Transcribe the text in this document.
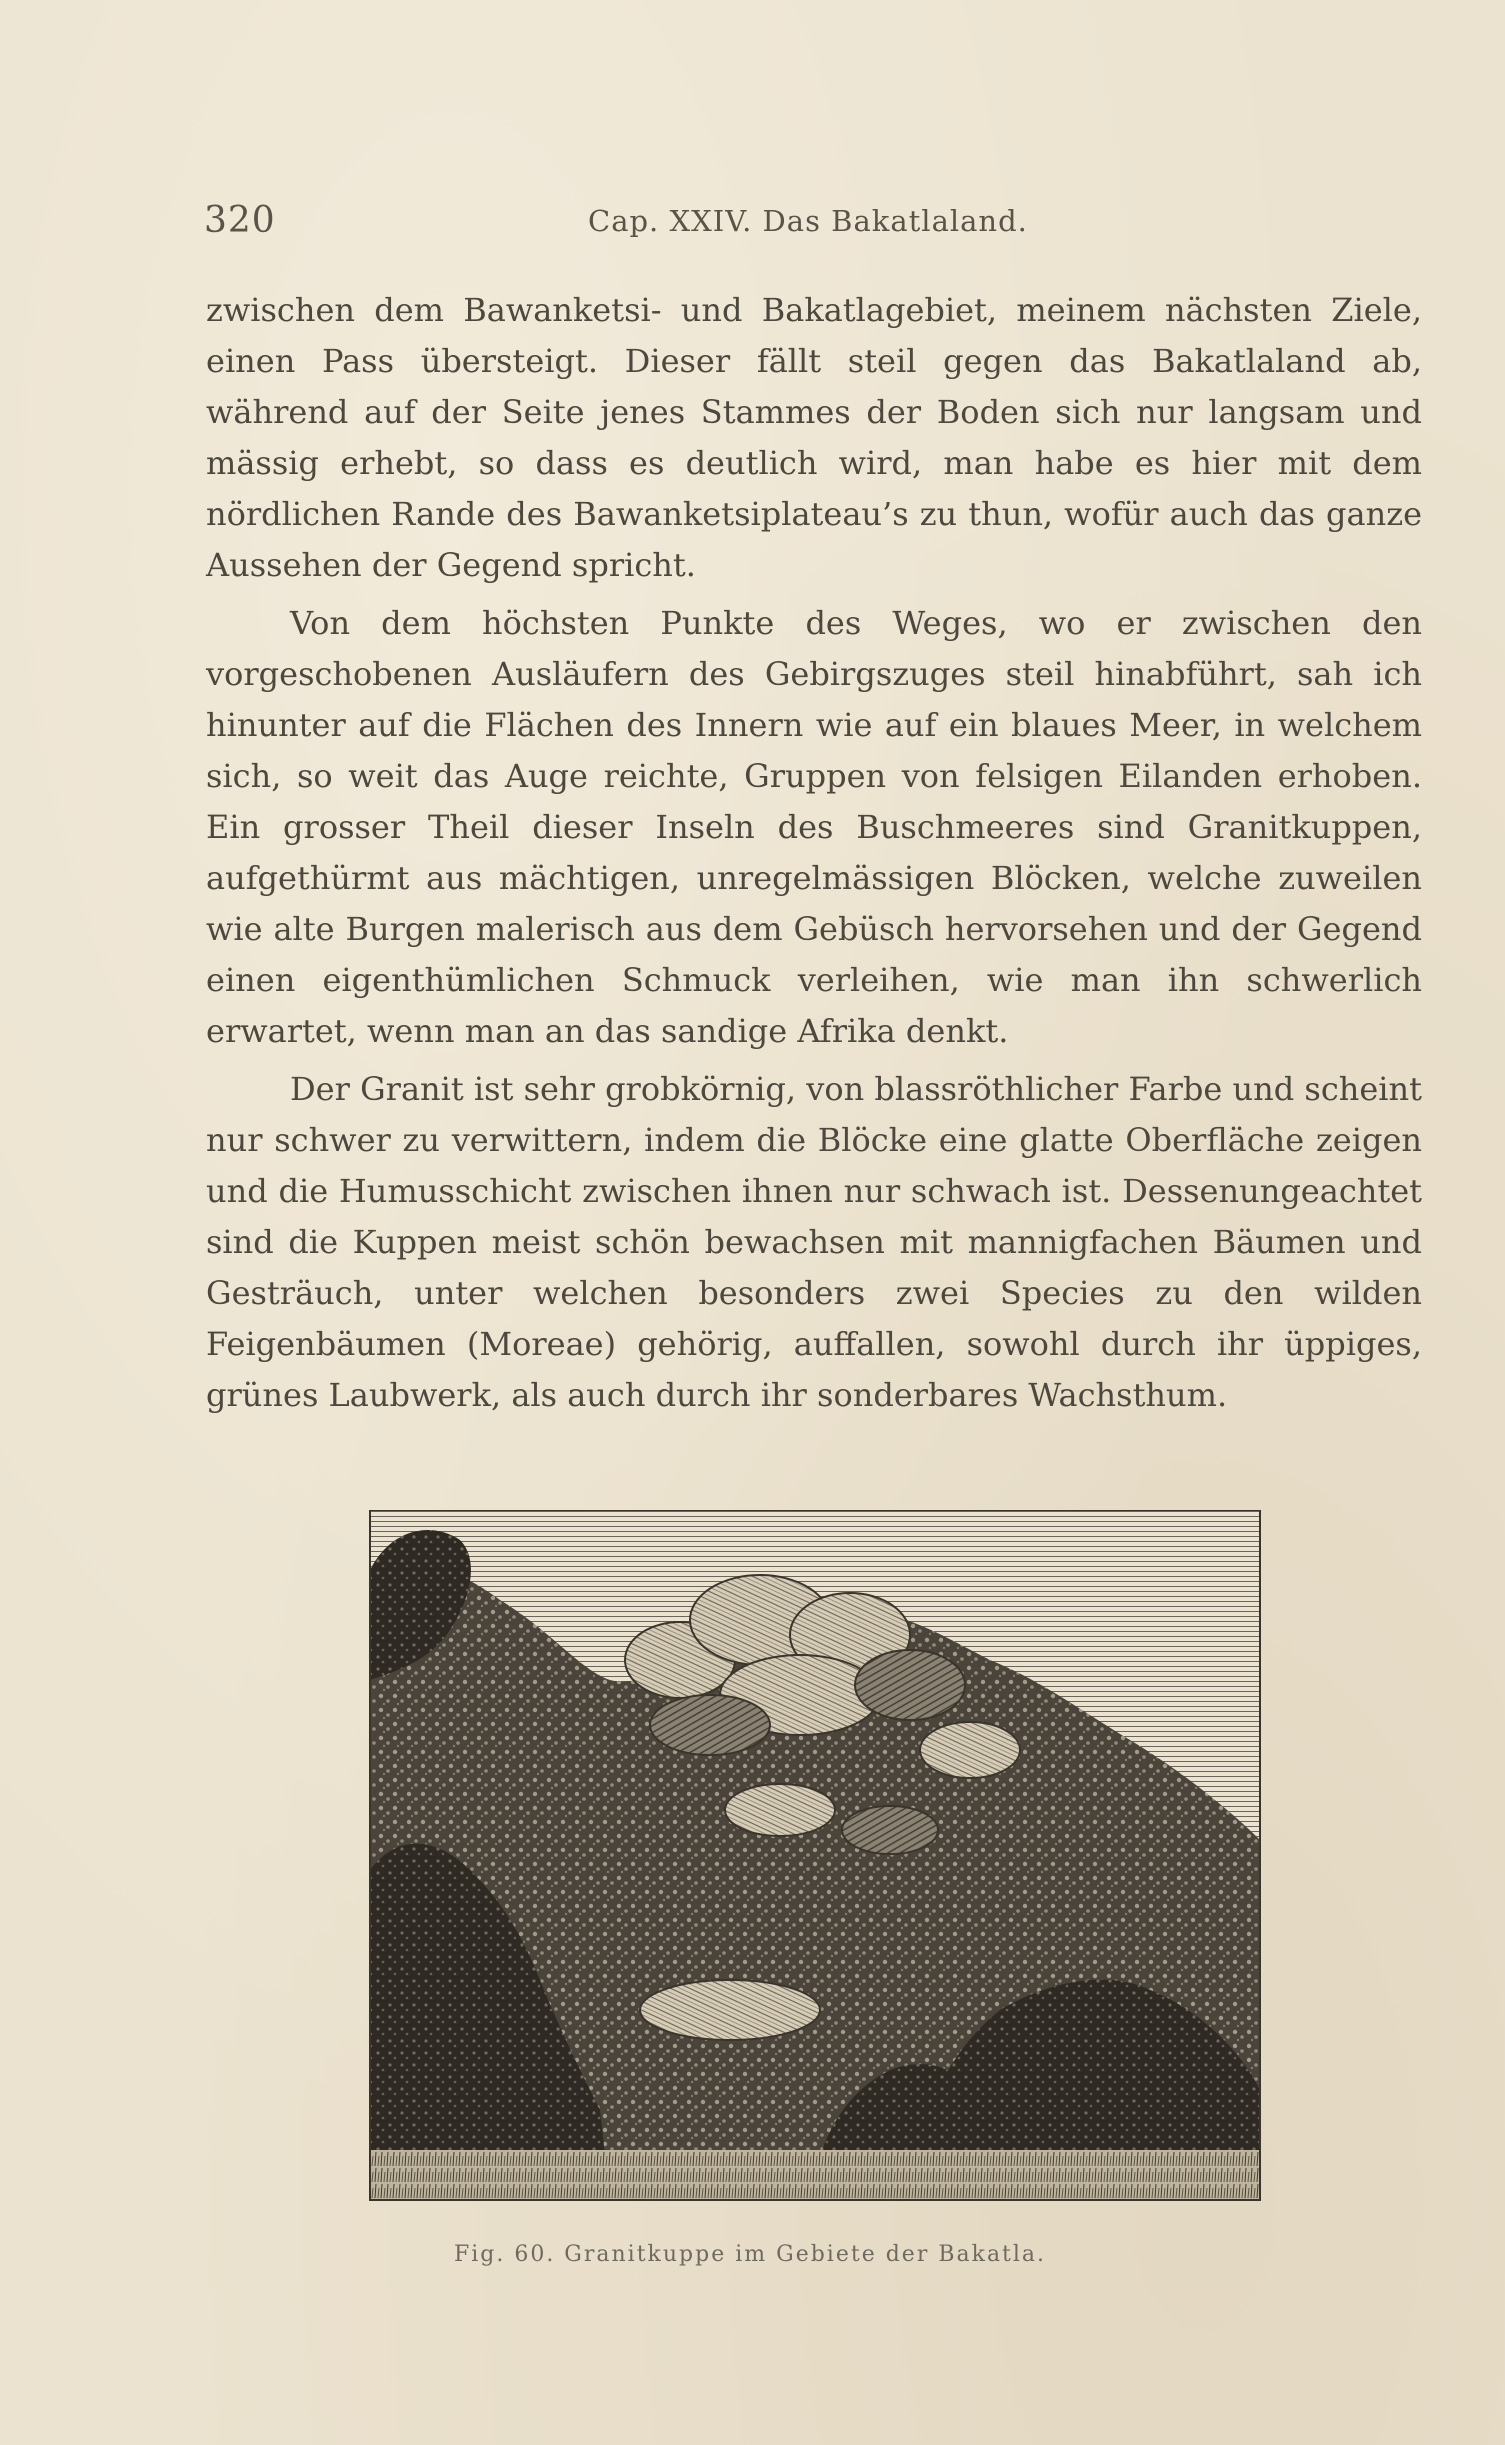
320	Cap. XXIV. Das Bakatlaland.

zwischen dem Bawanketsi- und Bakatlagebiet, meinem nächsten Ziele, einen Pass übersteigt. Dieser fällt steil gegen das Bakatlaland ab, während auf der Seite jenes Stammes der Boden sich nur langsam und mässig erhebt, so dass es deutlich wird, man habe es hier mit dem nördlichen Rande des Bawanketsiplateau’s zu thun, wofür auch das ganze Aussehen der Gegend spricht.

Von dem höchsten Punkte des Weges, wo er zwischen den vorgeschobenen Ausläufern des Gebirgszuges steil hinabführt, sah ich hinunter auf die Flächen des Innern wie auf ein blaues Meer, in welchem sich, so weit das Auge reichte, Gruppen von felsigen Eilanden erhoben. Ein grosser Theil dieser Inseln des Buschmeeres sind Granitkuppen, aufgethürmt aus mächtigen, unregelmässigen Blöcken, welche zuweilen wie alte Burgen malerisch aus dem Gebüsch hervorsehen und der Gegend einen eigenthümlichen Schmuck verleihen, wie man ihn schwerlich erwartet, wenn man an das sandige Afrika denkt.

Der Granit ist sehr grobkörnig, von blassröthlicher Farbe und scheint nur schwer zu verwittern, indem die Blöcke eine glatte Oberfläche zeigen und die Humusschicht zwischen ihnen nur schwach ist. Dessenungeachtet sind die Kuppen meist schön bewachsen mit mannigfachen Bäumen und Gesträuch, unter welchen besonders zwei Species zu den wilden Feigenbäumen (Moreae) gehörig, auffallen, sowohl durch ihr üppiges, grünes Laubwerk, als auch durch ihr sonderbares Wachsthum.

Fig. 60. Granitkuppe im Gebiete der Bakatla.
